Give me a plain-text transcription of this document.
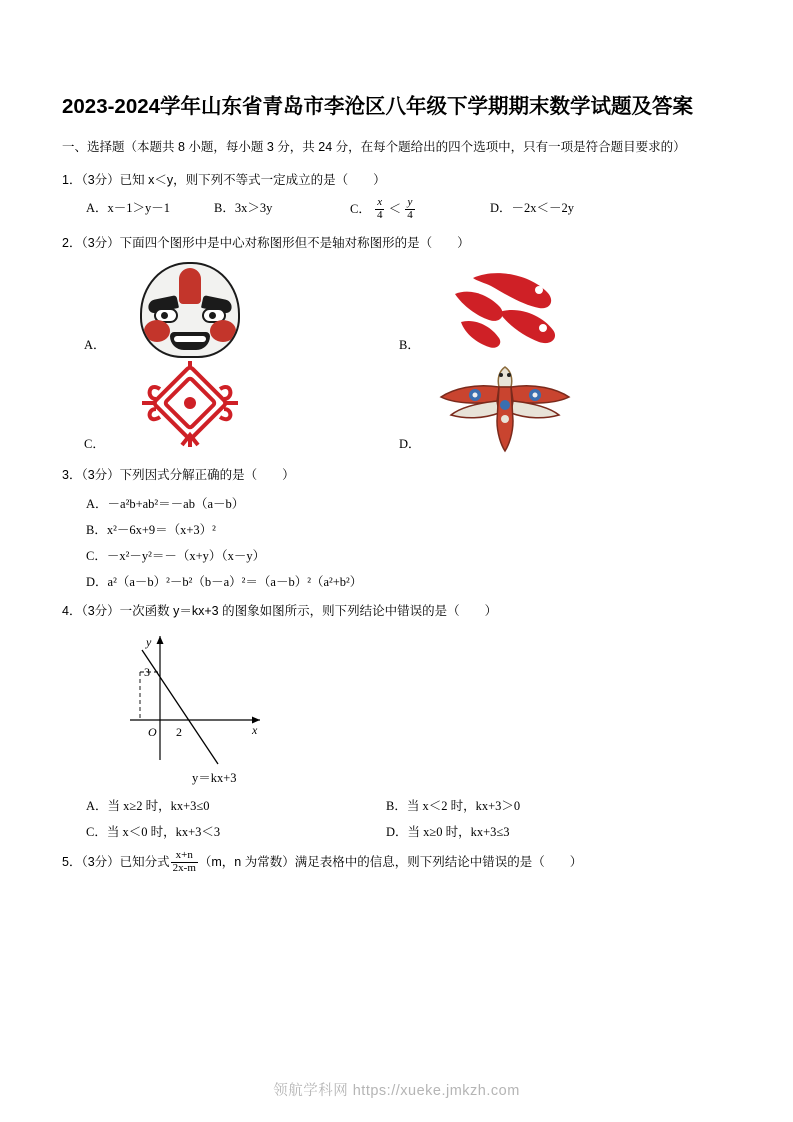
2023-2024学年山东省青岛市李沧区八年级下学期期末数学试题及答案
一、选择题（本题共 8 小题，每小题 3 分，共 24 分，在每个题给出的四个选项中，只有一项是符合题目要求的）
1．（3分）已知 x＜y，则下列不等式一定成立的是（　　）
A．x－1＞y－1	B．3x＞3y	C． $\frac{x}{4} < \frac{y}{4}$	D．－2x＜－2y
2．（3分）下面四个图形中是中心对称图形但不是轴对称图形的是（　　）
A．	B．
C．	D．
3．（3分）下列因式分解正确的是（　　）
A．－a²b+ab²＝－ab（a－b）
B．x²－6x+9＝（x+3）²
C．－x²－y²＝－（x+y）（x－y）
D．a²（a－b）²－b²（b－a）²＝（a－b）²（a²+b²）
4．（3分）一次函数 y＝kx+3 的图象如图所示，则下列结论中错误的是（　　）
y
x
3
O 2
y＝kx+3
A．当 x≥2 时，kx+3≤0	B．当 x＜2 时，kx+3＞0
C．当 x＜0 时，kx+3＜3	D．当 x≥0 时，kx+3≤3
5．（3分）已知分式 $\frac{x+n}{2x-m} (m$，n 为常数）满足表格中的信息，则下列结论中错误的是（　　）
领航学科网 https://xueke.jmkzh.com
